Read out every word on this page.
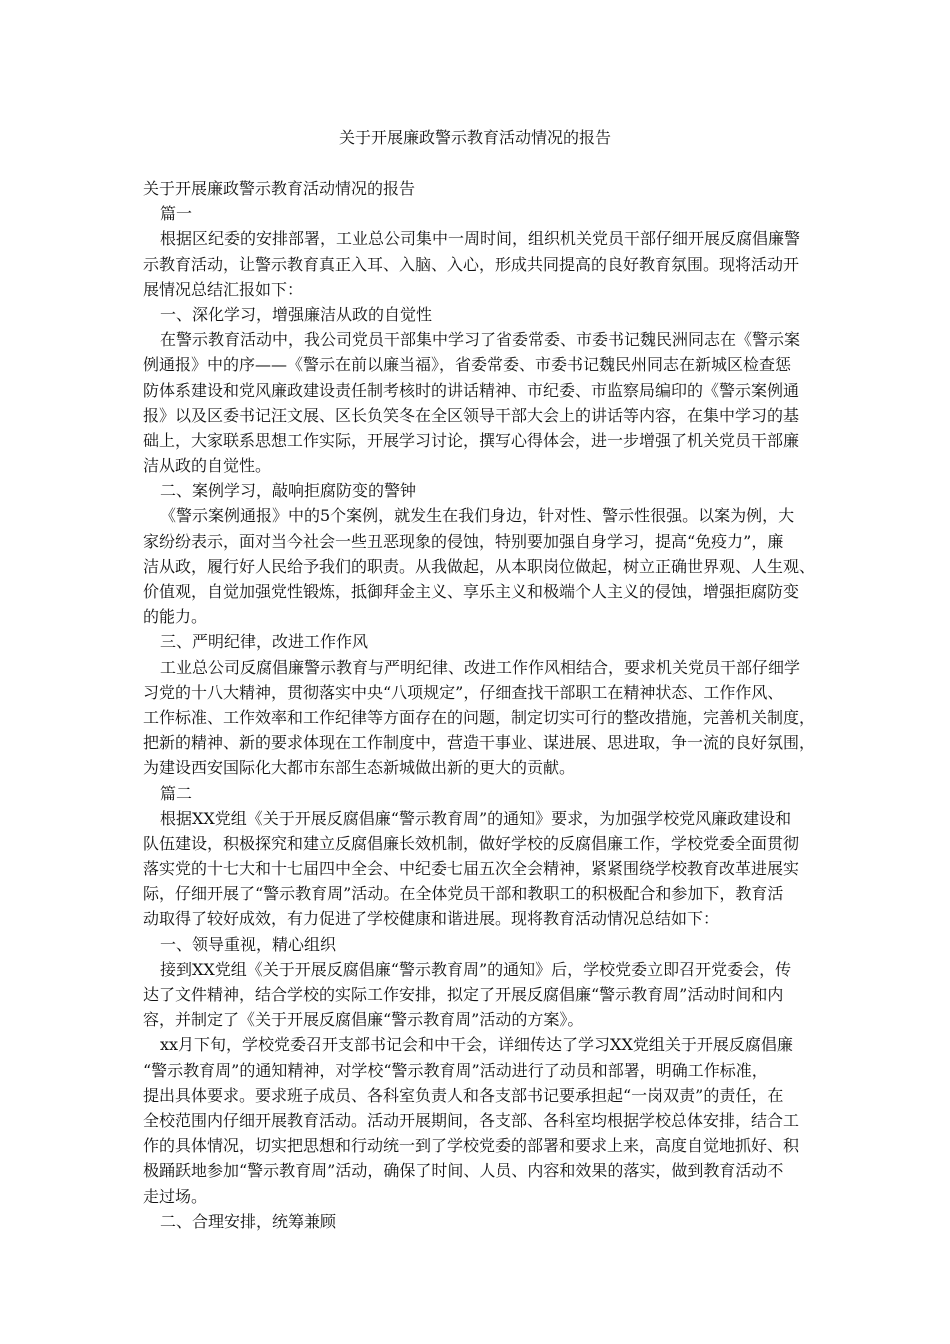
关于开展廉政警示教育活动情况的报告
关于开展廉政警示教育活动情况的报告
篇一
根据区纪委的安排部署，工业总公司集中一周时间，组织机关党员干部仔细开展反腐倡廉警
示教育活动，让警示教育真正入耳、入脑、入心，形成共同提高的良好教育氛围。现将活动开
展情况总结汇报如下：
一、深化学习，增强廉洁从政的自觉性
在警示教育活动中，我公司党员干部集中学习了省委常委、市委书记魏民洲同志在《警示案
例通报》中的序——《警示在前以廉当福》，省委常委、市委书记魏民州同志在新城区检查惩
防体系建设和党风廉政建设责任制考核时的讲话精神、市纪委、市监察局编印的《警示案例通
报》以及区委书记汪文展、区长负笑冬在全区领导干部大会上的讲话等内容，在集中学习的基
础上，大家联系思想工作实际，开展学习讨论，撰写心得体会，进一步增强了机关党员干部廉
洁从政的自觉性。
二、案例学习，敲响拒腐防变的警钟
《警示案例通报》中的5个案例，就发生在我们身边，针对性、警示性很强。以案为例，大
家纷纷表示，面对当今社会一些丑恶现象的侵蚀，特别要加强自身学习，提高“免疫力”，廉
洁从政，履行好人民给予我们的职责。从我做起，从本职岗位做起，树立正确世界观、人生观、
价值观，自觉加强党性锻炼，抵御拜金主义、享乐主义和极端个人主义的侵蚀，增强拒腐防变
的能力。
三、严明纪律，改进工作作风
工业总公司反腐倡廉警示教育与严明纪律、改进工作作风相结合，要求机关党员干部仔细学
习党的十八大精神，贯彻落实中央“八项规定”，仔细查找干部职工在精神状态、工作作风、
工作标准、工作效率和工作纪律等方面存在的问题，制定切实可行的整改措施，完善机关制度，
把新的精神、新的要求体现在工作制度中，营造干事业、谋进展、思进取，争一流的良好氛围，
为建设西安国际化大都市东部生态新城做出新的更大的贡献。
篇二
根据XX党组《关于开展反腐倡廉“警示教育周”的通知》要求，为加强学校党风廉政建设和
队伍建设，积极探究和建立反腐倡廉长效机制，做好学校的反腐倡廉工作，学校党委全面贯彻
落实党的十七大和十七届四中全会、中纪委七届五次全会精神，紧紧围绕学校教育改革进展实
际，仔细开展了“警示教育周”活动。在全体党员干部和教职工的积极配合和参加下，教育活
动取得了较好成效，有力促进了学校健康和谐进展。现将教育活动情况总结如下：
一、领导重视，精心组织
接到XX党组《关于开展反腐倡廉“警示教育周”的通知》后，学校党委立即召开党委会，传
达了文件精神，结合学校的实际工作安排，拟定了开展反腐倡廉“警示教育周”活动时间和内
容，并制定了《关于开展反腐倡廉“警示教育周”活动的方案》。
xx月下旬，学校党委召开支部书记会和中干会，详细传达了学习XX党组关于开展反腐倡廉
“警示教育周”的通知精神，对学校“警示教育周”活动进行了动员和部署，明确工作标准，
提出具体要求。要求班子成员、各科室负责人和各支部书记要承担起“一岗双责”的责任，在
全校范围内仔细开展教育活动。活动开展期间，各支部、各科室均根据学校总体安排，结合工
作的具体情况，切实把思想和行动统一到了学校党委的部署和要求上来，高度自觉地抓好、积
极踊跃地参加“警示教育周”活动，确保了时间、人员、内容和效果的落实，做到教育活动不
走过场。
二、合理安排，统筹兼顾
